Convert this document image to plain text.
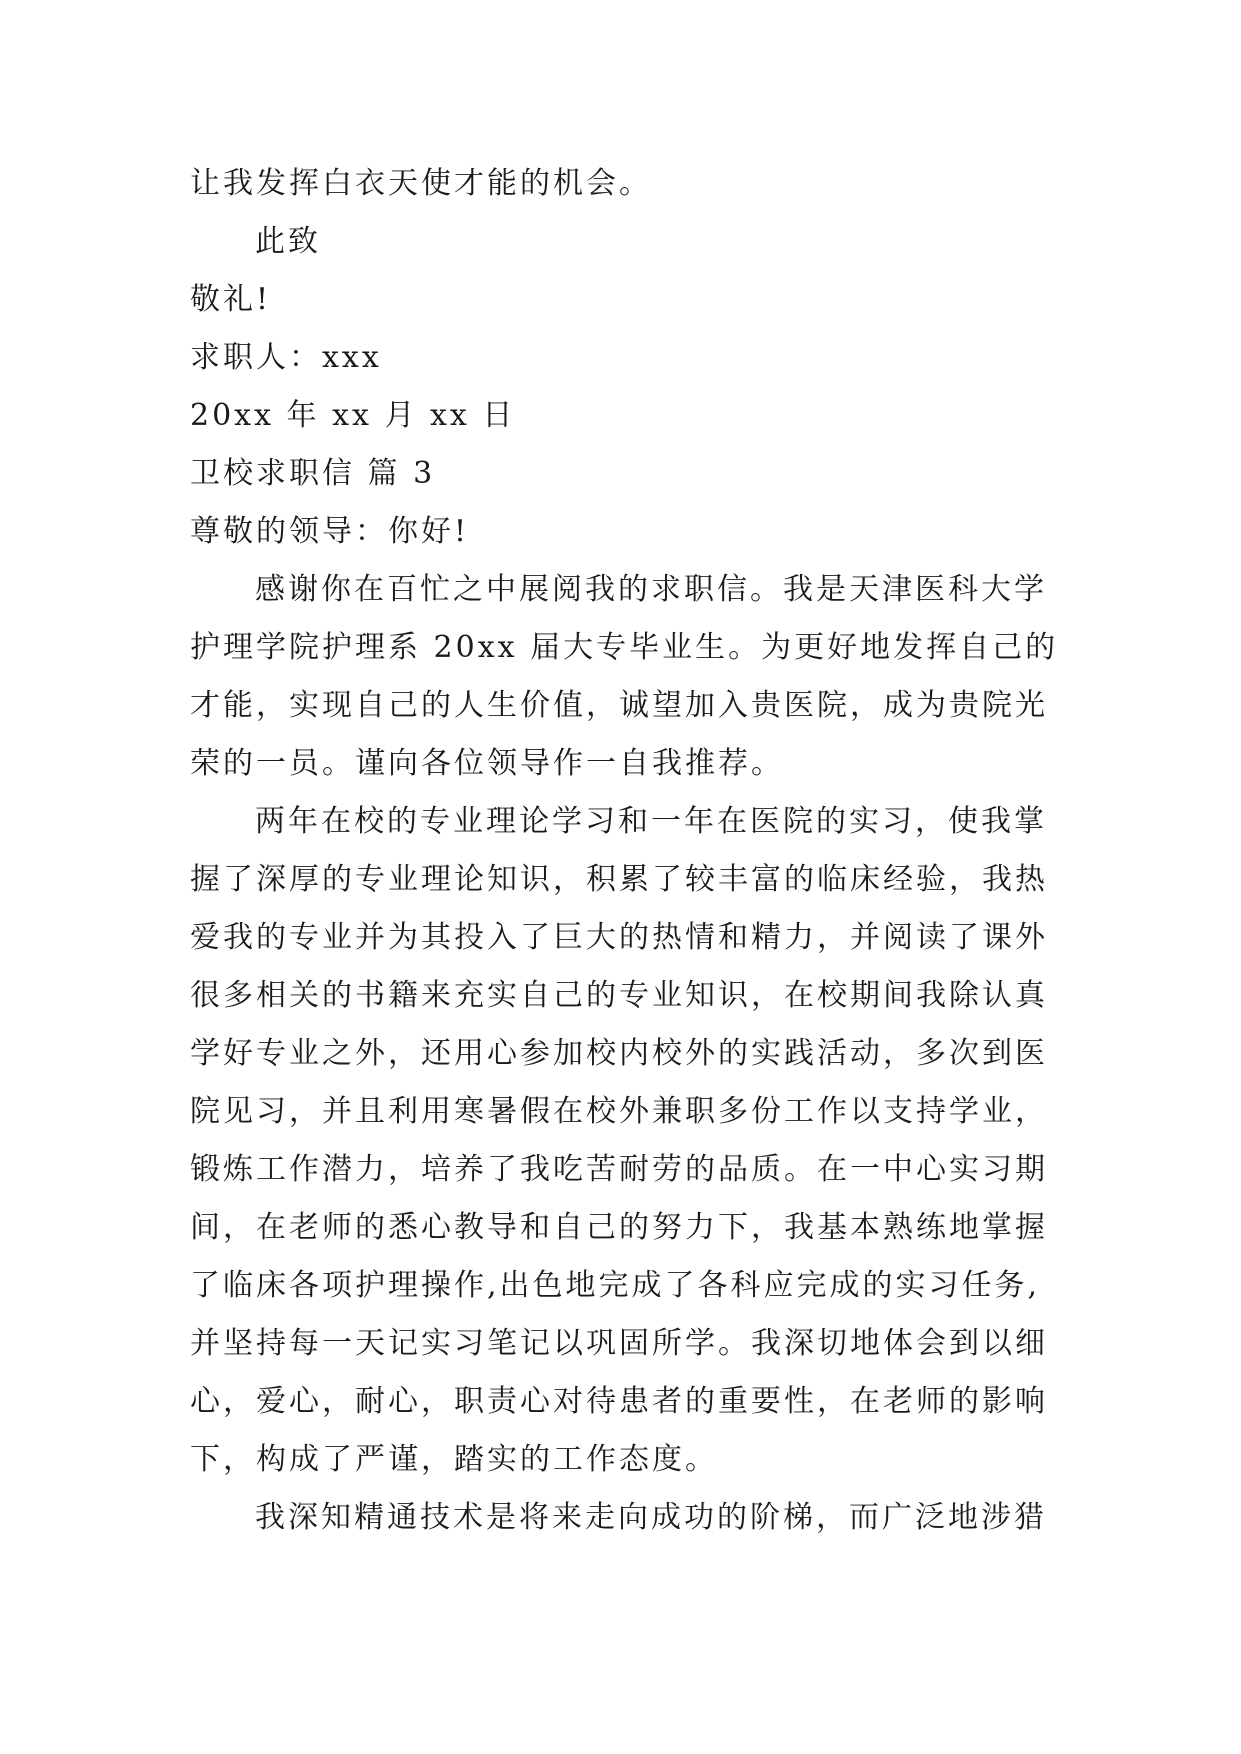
让我发挥白衣天使才能的机会。
此致
敬礼!
求职人：xxx
20xx 年 xx 月 xx 日
卫校求职信 篇 3
尊敬的领导：你好!
感谢你在百忙之中展阅我的求职信。我是天津医科大学
护理学院护理系 20xx 届大专毕业生。为更好地发挥自己的
才能，实现自己的人生价值，诚望加入贵医院，成为贵院光
荣的一员。谨向各位领导作一自我推荐。
两年在校的专业理论学习和一年在医院的实习，使我掌
握了深厚的专业理论知识，积累了较丰富的临床经验，我热
爱我的专业并为其投入了巨大的热情和精力，并阅读了课外
很多相关的书籍来充实自己的专业知识，在校期间我除认真
学好专业之外，还用心参加校内校外的实践活动，多次到医
院见习，并且利用寒暑假在校外兼职多份工作以支持学业，
锻炼工作潜力，培养了我吃苦耐劳的品质。在一中心实习期
间，在老师的悉心教导和自己的努力下，我基本熟练地掌握
了临床各项护理操作,出色地完成了各科应完成的实习任务,
并坚持每一天记实习笔记以巩固所学。我深切地体会到以细
心，爱心，耐心，职责心对待患者的重要性，在老师的影响
下，构成了严谨，踏实的工作态度。
我深知精通技术是将来走向成功的阶梯，而广泛地涉猎
